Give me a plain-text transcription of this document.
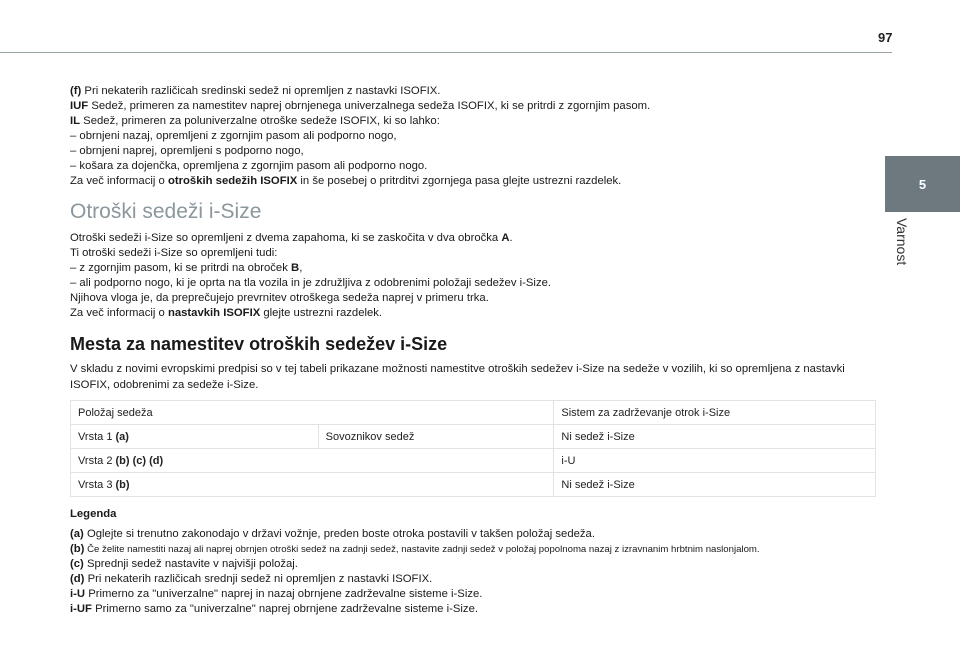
97
5
Varnost
(f) Pri nekaterih različicah sredinski sedež ni opremljen z nastavki ISOFIX.
IUF Sedež, primeren za namestitev naprej obrnjenega univerzalnega sedeža ISOFIX, ki se pritrdi z zgornjim pasom.
IL Sedež, primeren za poluniverzalne otroške sedeže ISOFIX, ki so lahko:
– obrnjeni nazaj, opremljeni z zgornjim pasom ali podporno nogo,
– obrnjeni naprej, opremljeni s podporno nogo,
– košara za dojenčka, opremljena z zgornjim pasom ali podporno nogo.
Za več informacij o otroških sedežih ISOFIX in še posebej o pritrditvi zgornjega pasa glejte ustrezni razdelek.
Otroški sedeži i-Size
Otroški sedeži i-Size so opremljeni z dvema zapahoma, ki se zaskočita v dva obročka A.
Ti otroški sedeži i-Size so opremljeni tudi:
– z zgornjim pasom, ki se pritrdi na obroček B,
– ali podporno nogo, ki je oprta na tla vozila in je združljiva z odobrenimi položaji sedežev i-Size.
Njihova vloga je, da preprečujejo prevrnitev otroškega sedeža naprej v primeru trka.
Za več informacij o nastavkih ISOFIX glejte ustrezni razdelek.
Mesta za namestitev otroških sedežev i-Size
V skladu z novimi evropskimi predpisi so v tej tabeli prikazane možnosti namestitve otroških sedežev i-Size na sedeže v vozilih, ki so opremljena z nastavki ISOFIX, odobrenimi za sedeže i-Size.
Položaj sedeža		Sistem za zadrževanje otrok i-Size
Vrsta 1 (a)	Sovoznikov sedež	Ni sedež i-Size
Vrsta 2 (b) (c) (d)		i-U
Vrsta 3 (b)		Ni sedež i-Size
Legenda
(a) Oglejte si trenutno zakonodajo v državi vožnje, preden boste otroka postavili v takšen položaj sedeža.
(b) Če želite namestiti nazaj ali naprej obrnjen otroški sedež na zadnji sedež, nastavite zadnji sedež v položaj popolnoma nazaj z izravnanim hrbtnim naslonjalom.
(c) Sprednji sedež nastavite v najvišji položaj.
(d) Pri nekaterih različicah srednji sedež ni opremljen z nastavki ISOFIX.
i-U Primerno za "univerzalne" naprej in nazaj obrnjene zadrževalne sisteme i-Size.
i-UF Primerno samo za "univerzalne" naprej obrnjene zadrževalne sisteme i-Size.
